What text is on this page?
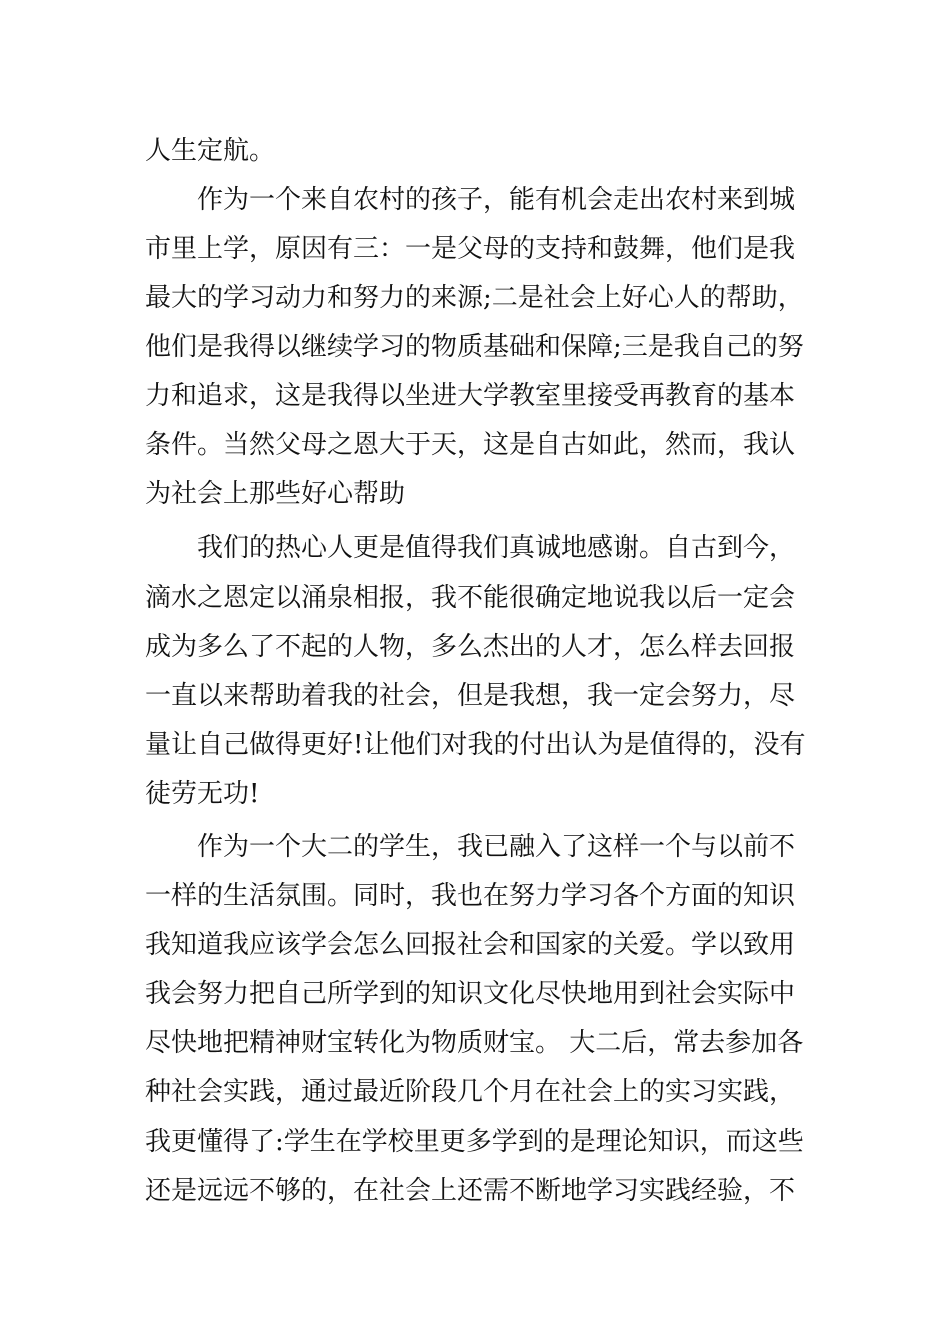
人生定航。
作为一个来自农村的孩子，能有机会走出农村来到城
市里上学，原因有三：一是父母的支持和鼓舞，他们是我
最大的学习动力和努力的来源;二是社会上好心人的帮助，
他们是我得以继续学习的物质基础和保障;三是我自己的努
力和追求，这是我得以坐进大学教室里接受再教育的基本
条件。当然父母之恩大于天，这是自古如此，然而，我认
为社会上那些好心帮助
我们的热心人更是值得我们真诚地感谢。自古到今，
滴水之恩定以涌泉相报，我不能很确定地说我以后一定会
成为多么了不起的人物，多么杰出的人才，怎么样去回报
一直以来帮助着我的社会，但是我想，我一定会努力，尽
量让自己做得更好!让他们对我的付出认为是值得的，没有
徒劳无功!
作为一个大二的学生，我已融入了这样一个与以前不
一样的生活氛围。同时，我也在努力学习各个方面的知识
我知道我应该学会怎么回报社会和国家的关爱。学以致用
我会努力把自己所学到的知识文化尽快地用到社会实际中
尽快地把精神财宝转化为物质财宝。 大二后，常去参加各
种社会实践，通过最近阶段几个月在社会上的实习实践，
我更懂得了:学生在学校里更多学到的是理论知识，而这些
还是远远不够的，在社会上还需不断地学习实践经验，不
